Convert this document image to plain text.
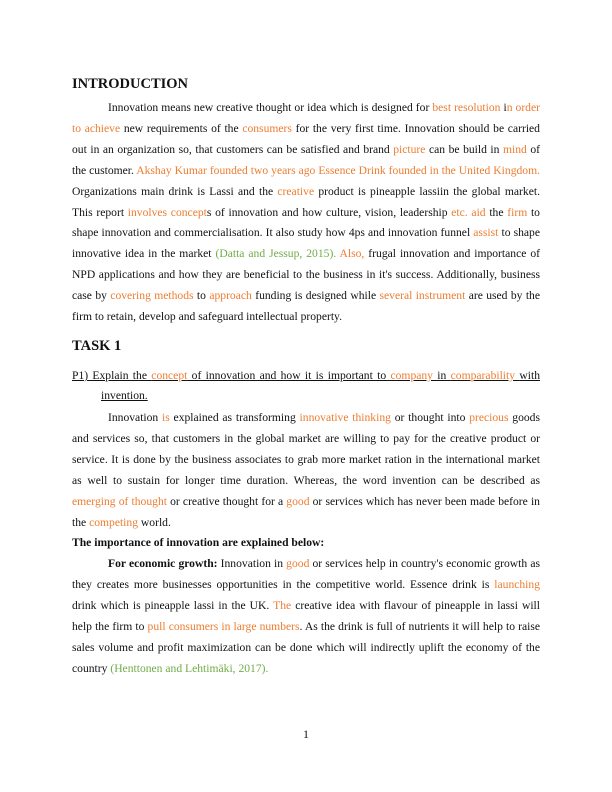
INTRODUCTION

Innovation means new creative thought or idea which is designed for best resolution in order to achieve new requirements of the consumers for the very first time. Innovation should be carried out in an organization so, that customers can be satisfied and brand picture can be build in mind of the customer. Akshay Kumar founded two years ago Essence Drink founded in the United Kingdom. Organizations main drink is Lassi and the creative product is pineapple lassiin the global market. This report involves concepts of innovation and how culture, vision, leadership etc. aid the firm to shape innovation and commercialisation. It also study how 4ps and innovation funnel assist to shape innovative idea in the market (Datta and Jessup, 2015). Also, frugal innovation and importance of NPD applications and how they are beneficial to the business in it's success. Additionally, business case by covering methods to approach funding is designed while several instrument are used by the firm to retain, develop and safeguard intellectual property.

TASK 1

P1) Explain the concept of innovation and how it is important to company in comparability with invention.

Innovation is explained as transforming innovative thinking or thought into precious goods and services so, that customers in the global market are willing to pay for the creative product or service. It is done by the business associates to grab more market ration in the international market as well to sustain for longer time duration. Whereas, the word invention can be described as emerging of thought or creative thought for a good or services which has never been made before in the competing world.

The importance of innovation are explained below:

For economic growth: Innovation in good or services help in country's economic growth as they creates more businesses opportunities in the competitive world. Essence drink is launching drink which is pineapple lassi in the UK. The creative idea with flavour of pineapple in lassi will help the firm to pull consumers in large numbers. As the drink is full of nutrients it will help to raise sales volume and profit maximization can be done which will indirectly uplift the economy of the country (Henttonen and Lehtimäki, 2017).

1
